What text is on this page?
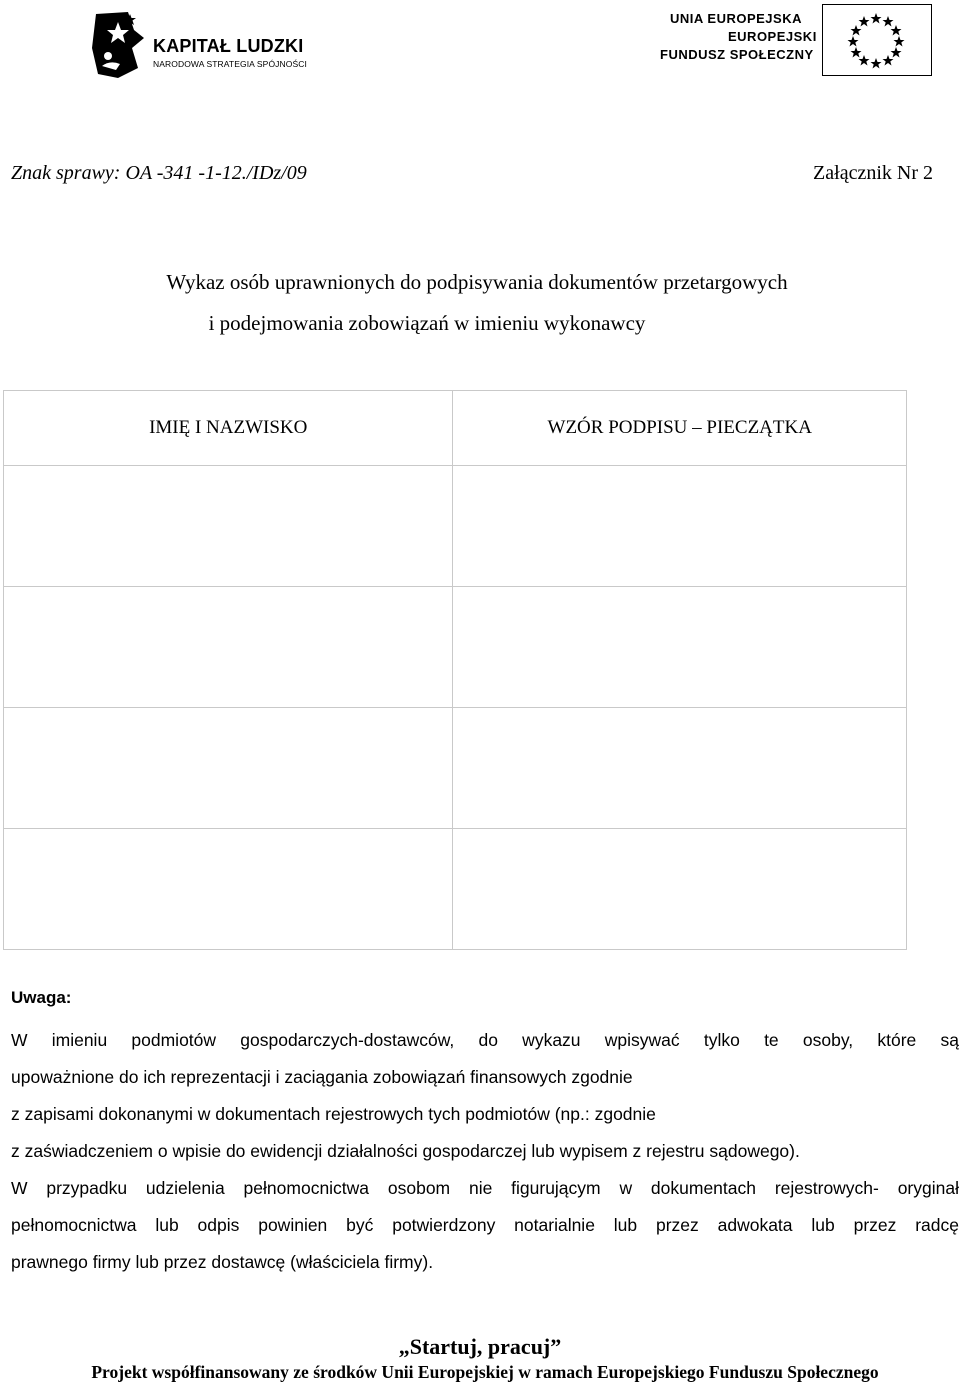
KAPITAŁ LUDZKI
NARODOWA STRATEGIA SPÓJNOŚCI
UNIA EUROPEJSKA
EUROPEJSKI
FUNDUSZ SPOŁECZNY
Znak sprawy: OA -341 -1-12./IDz/09	Załącznik Nr 2
Wykaz osób uprawnionych do podpisywania dokumentów przetargowych
i podejmowania zobowiązań w imieniu wykonawcy
IMIĘ I NAZWISKO	WZÓR PODPISU – PIECZĄTKA

Uwaga:
W imieniu podmiotów gospodarczych-dostawców, do wykazu wpisywać tylko te osoby, które są
upoważnione do ich reprezentacji i zaciągania zobowiązań finansowych zgodnie
z zapisami dokonanymi w dokumentach rejestrowych tych podmiotów (np.: zgodnie
z zaświadczeniem o wpisie do ewidencji działalności gospodarczej lub wypisem z rejestru sądowego).
W przypadku udzielenia pełnomocnictwa osobom nie figurującym w dokumentach rejestrowych- oryginał
pełnomocnictwa lub odpis powinien być potwierdzony notarialnie lub przez adwokata lub przez radcę
prawnego firmy lub przez dostawcę (właściciela firmy).
„Startuj, pracuj”
Projekt współfinansowany ze środków Unii Europejskiej w ramach Europejskiego Funduszu Społecznego
